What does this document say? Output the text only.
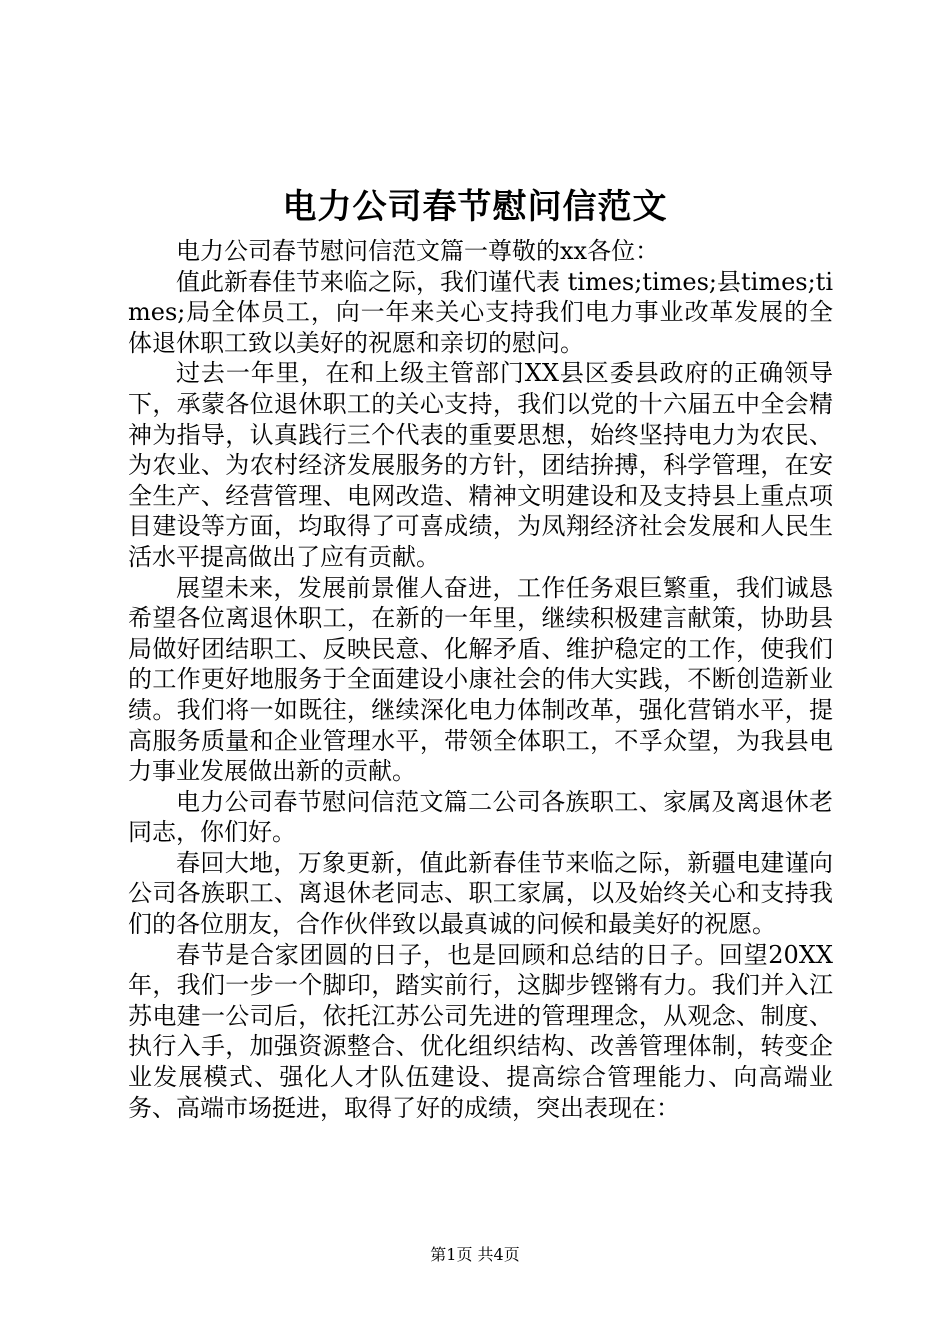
电力公司春节慰问信范文

电力公司春节慰问信范文篇一尊敬的xx各位：

值此新春佳节来临之际，我们谨代表 times;times;县times;times;局全体员工，向一年来关心支持我们电力事业改革发展的全体退休职工致以美好的祝愿和亲切的慰问。

过去一年里，在和上级主管部门XX县区委县政府的正确领导下，承蒙各位退休职工的关心支持，我们以党的十六届五中全会精神为指导，认真践行三个代表的重要思想，始终坚持电力为农民、为农业、为农村经济发展服务的方针，团结拚搏，科学管理，在安全生产、经营管理、电网改造、精神文明建设和及支持县上重点项目建设等方面，均取得了可喜成绩，为凤翔经济社会发展和人民生活水平提高做出了应有贡献。

展望未来，发展前景催人奋进，工作任务艰巨繁重，我们诚恳希望各位离退休职工，在新的一年里，继续积极建言献策，协助县局做好团结职工、反映民意、化解矛盾、维护稳定的工作，使我们的工作更好地服务于全面建设小康社会的伟大实践，不断创造新业绩。我们将一如既往，继续深化电力体制改革，强化营销水平，提高服务质量和企业管理水平，带领全体职工，不孚众望，为我县电力事业发展做出新的贡献。

电力公司春节慰问信范文篇二公司各族职工、家属及离退休老同志，你们好。

春回大地，万象更新，值此新春佳节来临之际，新疆电建谨向公司各族职工、离退休老同志、职工家属，以及始终关心和支持我们的各位朋友，合作伙伴致以最真诚的问候和最美好的祝愿。

春节是合家团圆的日子，也是回顾和总结的日子。回望20XX年，我们一步一个脚印，踏实前行，这脚步铿锵有力。我们并入江苏电建一公司后，依托江苏公司先进的管理理念，从观念、制度、执行入手，加强资源整合、优化组织结构、改善管理体制，转变企业发展模式、强化人才队伍建设、提高综合管理能力、向高端业务、高端市场挺进，取得了好的成绩，突出表现在：

第1页 共4页
